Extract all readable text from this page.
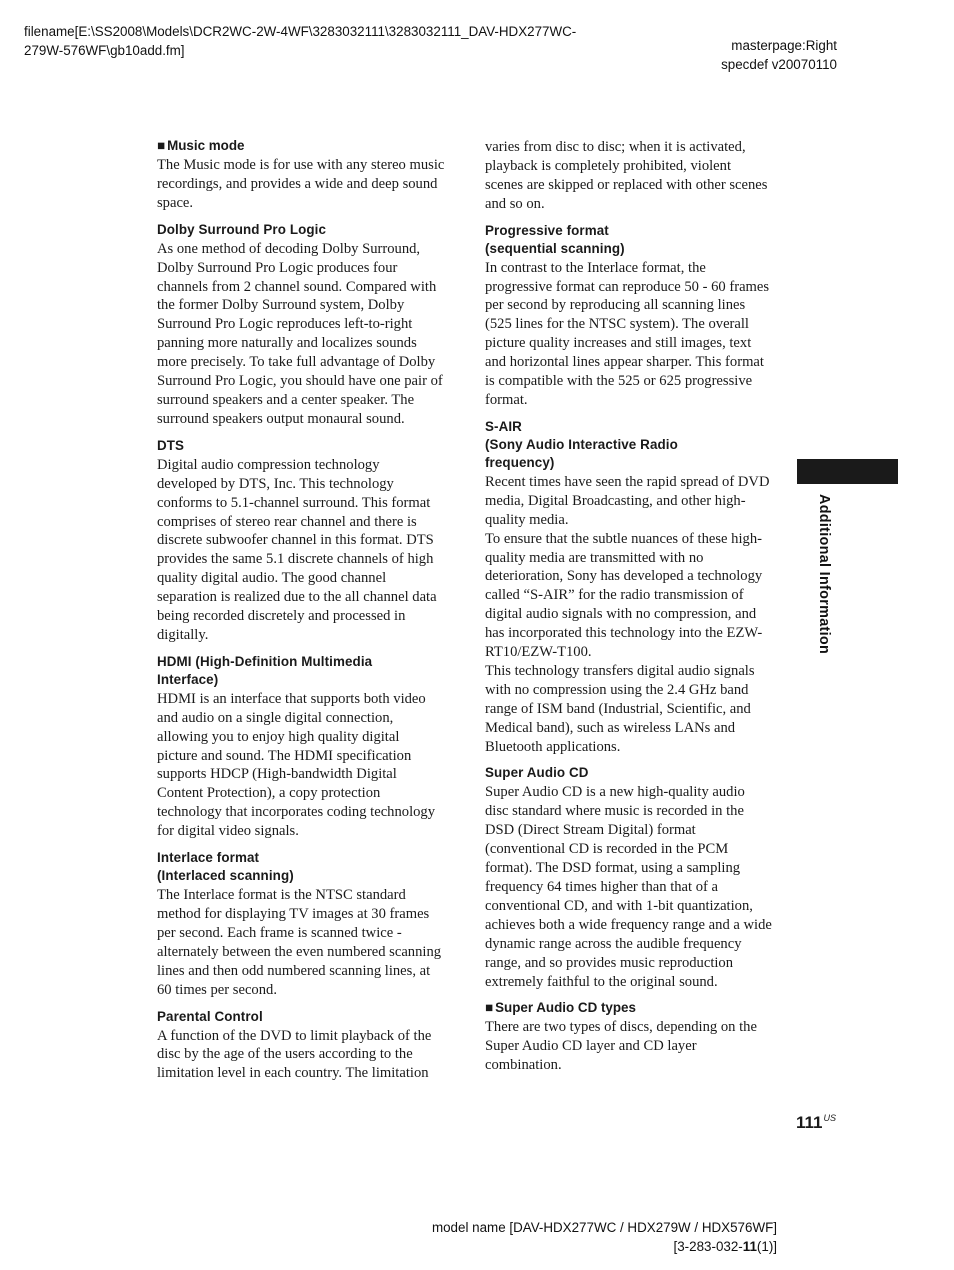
filename[E:\SS2008\Models\DCR2WC-2W-4WF\3283032111\3283032111_DAV-HDX277WC-
279W-576WF\gb10add.fm]	masterpage:Right
specdef v20070110

■ Music mode

The Music mode is for use with any stereo music
recordings, and provides a wide and deep sound
space.

Dolby Surround Pro Logic

As one method of decoding Dolby Surround,
Dolby Surround Pro Logic produces four
channels from 2 channel sound. Compared with
the former Dolby Surround system, Dolby
Surround Pro Logic reproduces left-to-right
panning more naturally and localizes sounds
more precisely. To take full advantage of Dolby
Surround Pro Logic, you should have one pair of
surround speakers and a center speaker. The
surround speakers output monaural sound.

DTS

Digital audio compression technology
developed by DTS, Inc. This technology
conforms to 5.1-channel surround. This format
comprises of stereo rear channel and there is
discrete subwoofer channel in this format. DTS
provides the same 5.1 discrete channels of high
quality digital audio. The good channel
separation is realized due to the all channel data
being recorded discretely and processed in
digitally.

HDMI (High-Definition Multimedia
Interface)

HDMI is an interface that supports both video
and audio on a single digital connection,
allowing you to enjoy high quality digital
picture and sound. The HDMI specification
supports HDCP (High-bandwidth Digital
Content Protection), a copy protection
technology that incorporates coding technology
for digital video signals.

Interlace format
(Interlaced scanning)

The Interlace format is the NTSC standard
method for displaying TV images at 30 frames
per second. Each frame is scanned twice -
alternately between the even numbered scanning
lines and then odd numbered scanning lines, at
60 times per second.

Parental Control

A function of the DVD to limit playback of the
disc by the age of the users according to the
limitation level in each country. The limitation

varies from disc to disc; when it is activated,
playback is completely prohibited, violent
scenes are skipped or replaced with other scenes
and so on.

Progressive format
(sequential scanning)

In contrast to the Interlace format, the
progressive format can reproduce 50 - 60 frames
per second by reproducing all scanning lines
(525 lines for the NTSC system). The overall
picture quality increases and still images, text
and horizontal lines appear sharper. This format
is compatible with the 525 or 625 progressive
format.

S-AIR
(Sony Audio Interactive Radio
frequency)

Recent times have seen the rapid spread of DVD
media, Digital Broadcasting, and other high-
quality media.

To ensure that the subtle nuances of these high-
quality media are transmitted with no
deterioration, Sony has developed a technology
called “S-AIR” for the radio transmission of
digital audio signals with no compression, and
has incorporated this technology into the EZW-
RT10/EZW-T100.

This technology transfers digital audio signals
with no compression using the 2.4 GHz band
range of ISM band (Industrial, Scientific, and
Medical band), such as wireless LANs and
Bluetooth applications.

Super Audio CD

Super Audio CD is a new high-quality audio
disc standard where music is recorded in the
DSD (Direct Stream Digital) format
(conventional CD is recorded in the PCM
format). The DSD format, using a sampling
frequency 64 times higher than that of a
conventional CD, and with 1-bit quantization,
achieves both a wide frequency range and a wide
dynamic range across the audible frequency
range, and so provides music reproduction
extremely faithful to the original sound.

■ Super Audio CD types

There are two types of discs, depending on the
Super Audio CD layer and CD layer
combination.

Additional Information
$111^{US}$
model name [DAV-HDX277WC / HDX279W / HDX576WF]
[3-283-032-11(1)]
